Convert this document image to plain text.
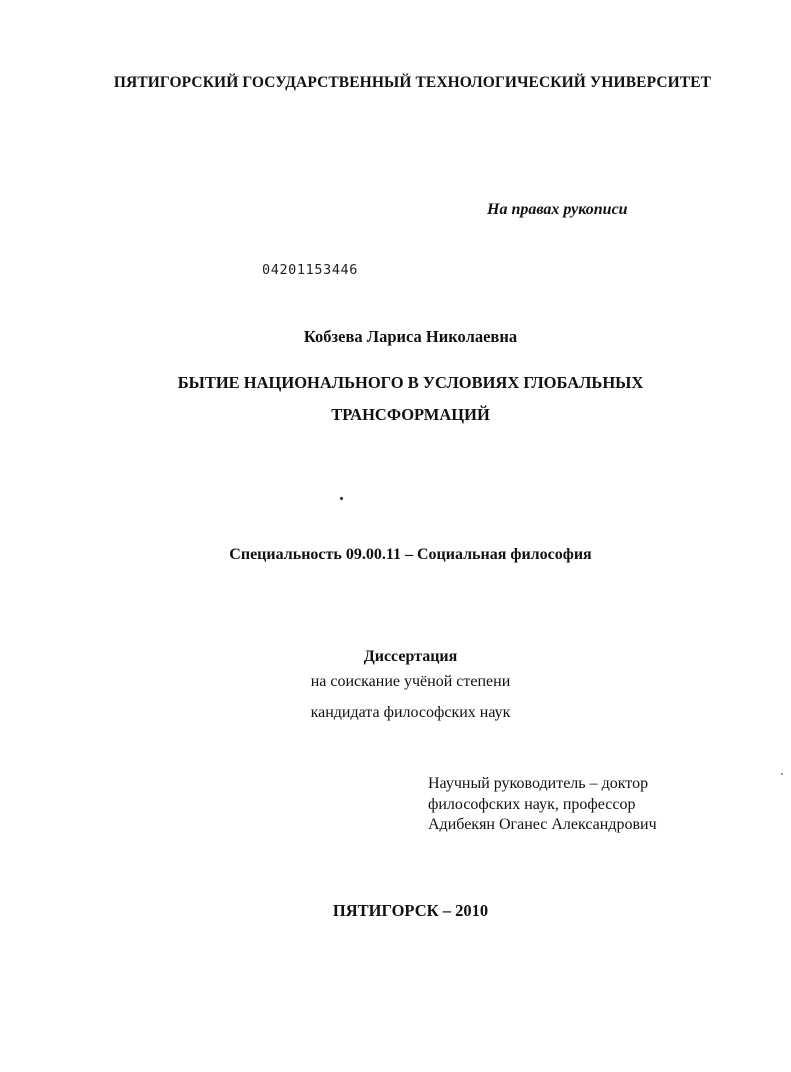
ПЯТИГОРСКИЙ ГОСУДАРСТВЕННЫЙ ТЕХНОЛОГИЧЕСКИЙ УНИВЕРСИТЕТ

На правах рукописи

04201153446

Кобзева Лариса Николаевна

БЫТИЕ НАЦИОНАЛЬНОГО В УСЛОВИЯХ ГЛОБАЛЬНЫХ

ТРАНСФОРМАЦИЙ

Специальность 09.00.11 – Социальная философия

Диссертация

на соискание учёной степени

кандидата философских наук

Научный руководитель – доктор
философских наук, профессор
Адибекян Оганес Александрович

ПЯТИГОРСК – 2010
